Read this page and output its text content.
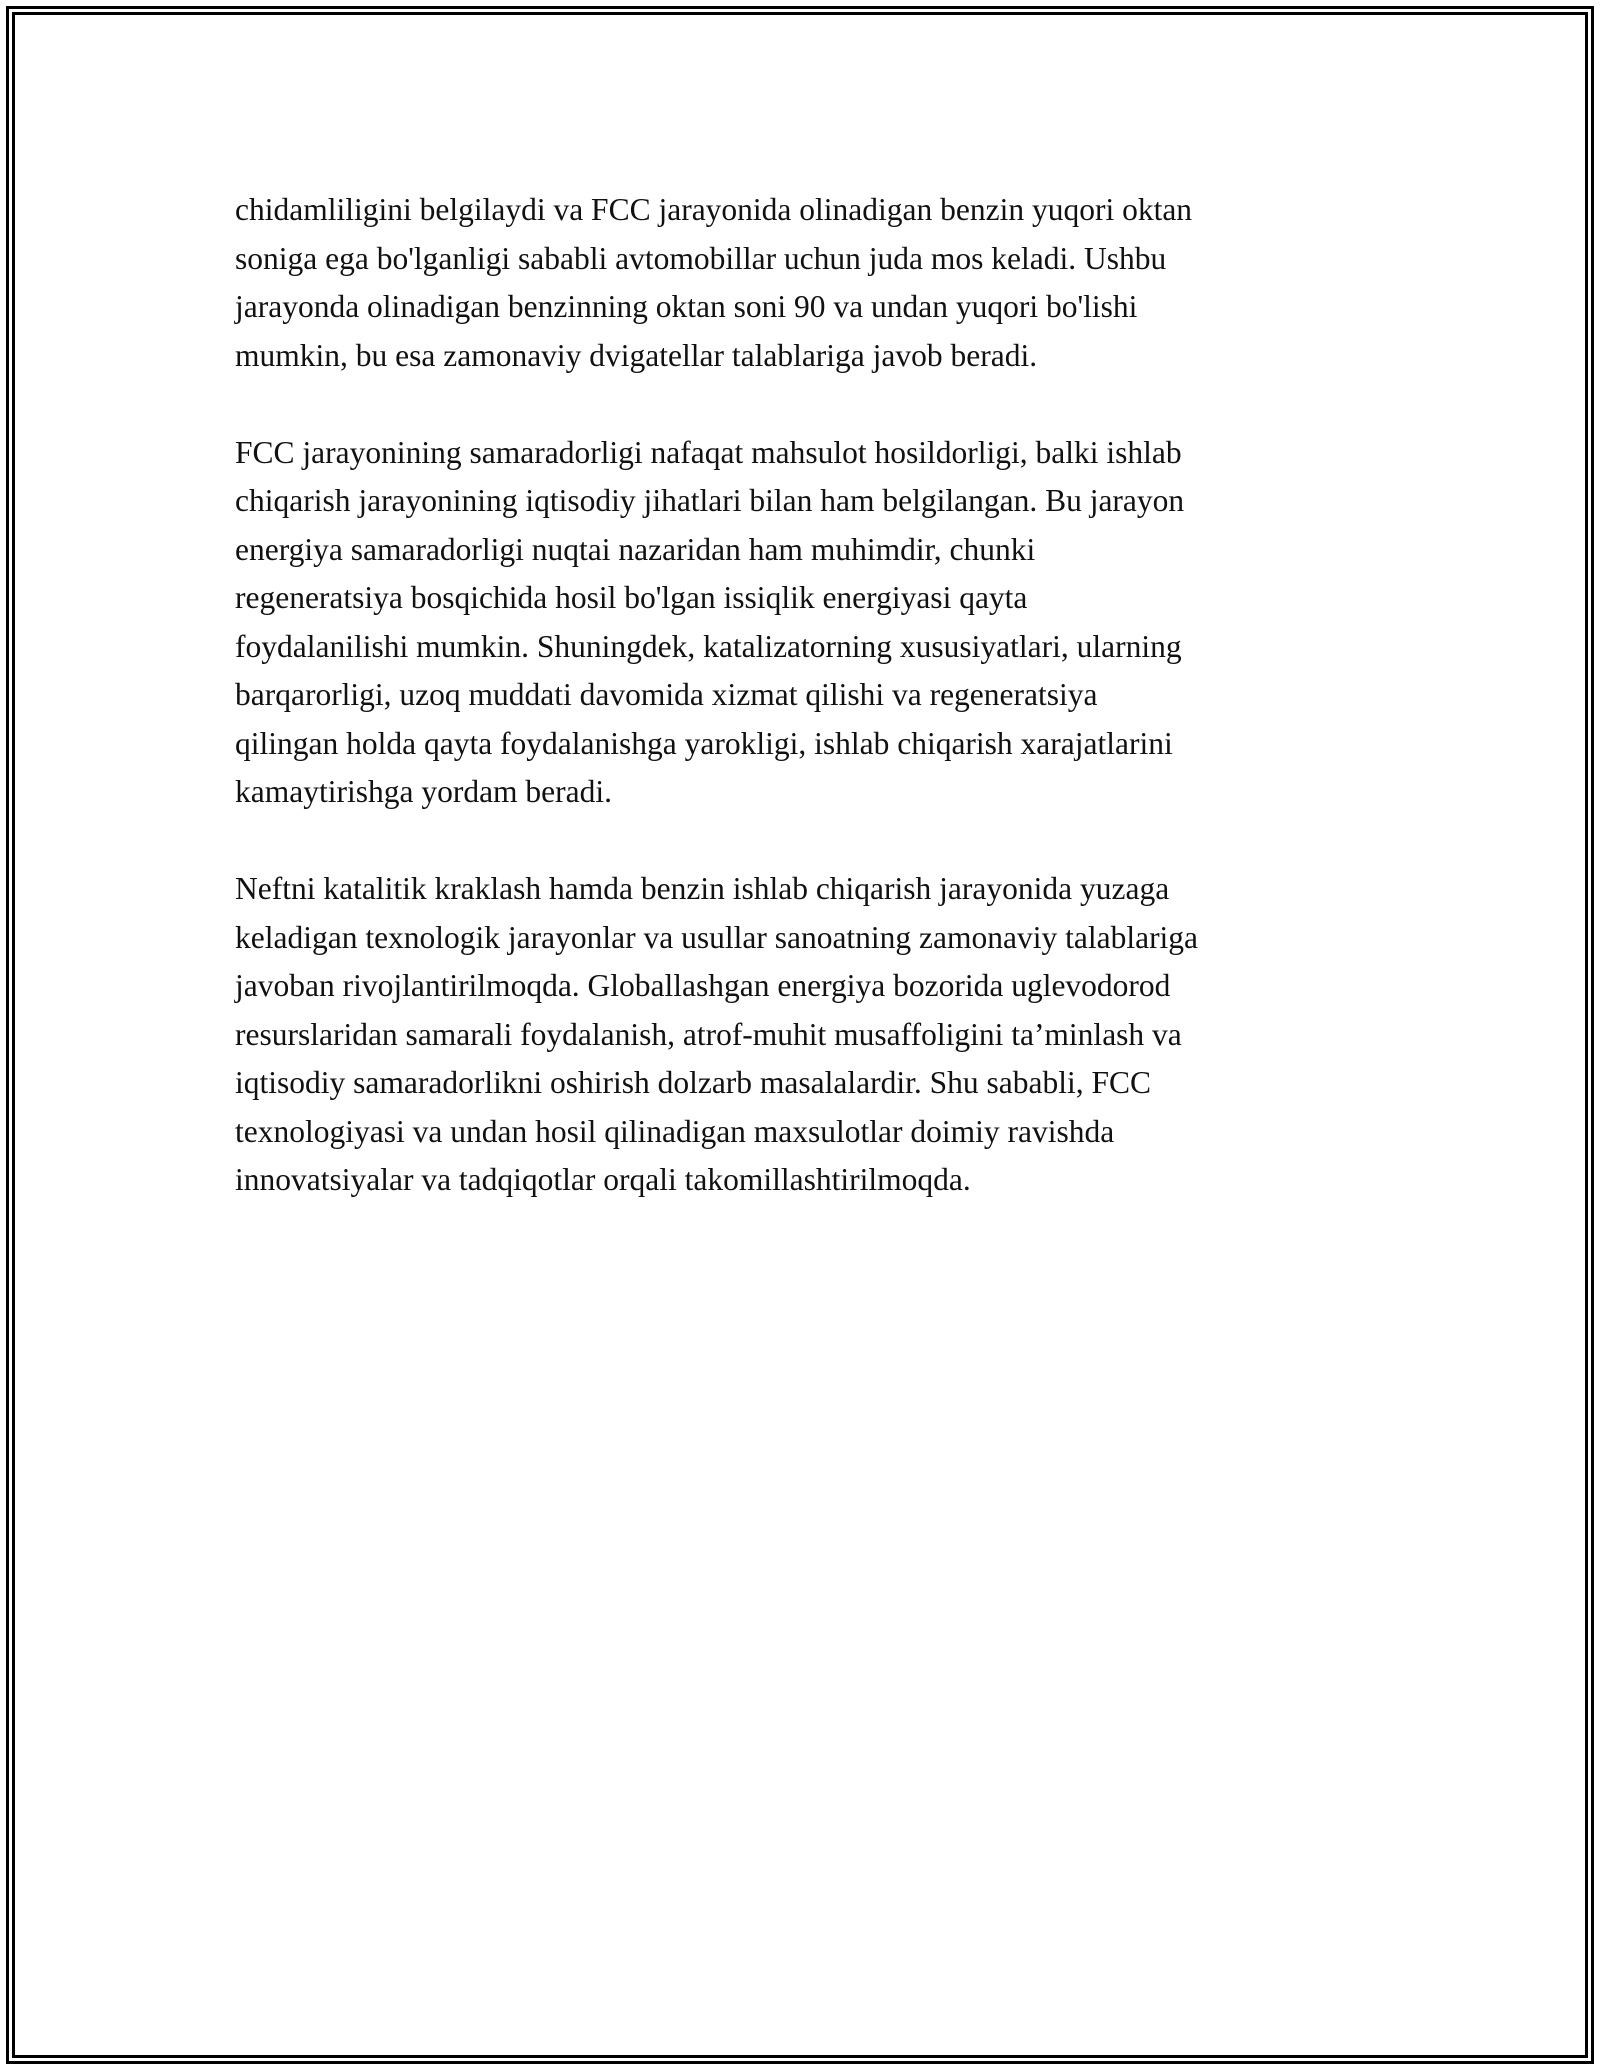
chidamliligini belgilaydi va FCC jarayonida olinadigan benzin yuqori oktan
soniga ega bo'lganligi sababli avtomobillar uchun juda mos keladi. Ushbu
jarayonda olinadigan benzinning oktan soni 90 va undan yuqori bo'lishi
mumkin, bu esa zamonaviy dvigatellar talablariga javob beradi.

FCC jarayonining samaradorligi nafaqat mahsulot hosildorligi, balki ishlab
chiqarish jarayonining iqtisodiy jihatlari bilan ham belgilangan. Bu jarayon
energiya samaradorligi nuqtai nazaridan ham muhimdir, chunki
regeneratsiya bosqichida hosil bo'lgan issiqlik energiyasi qayta
foydalanilishi mumkin. Shuningdek, katalizatorning xususiyatlari, ularning
barqarorligi, uzoq muddati davomida xizmat qilishi va regeneratsiya
qilingan holda qayta foydalanishga yarokligi, ishlab chiqarish xarajatlarini
kamaytirishga yordam beradi.

Neftni katalitik kraklash hamda benzin ishlab chiqarish jarayonida yuzaga
keladigan texnologik jarayonlar va usullar sanoatning zamonaviy talablariga
javoban rivojlantirilmoqda. Globallashgan energiya bozorida uglevodorod
resurslaridan samarali foydalanish, atrof-muhit musaffoligini ta’minlash va
iqtisodiy samaradorlikni oshirish dolzarb masalalardir. Shu sababli, FCC
texnologiyasi va undan hosil qilinadigan maxsulotlar doimiy ravishda
innovatsiyalar va tadqiqotlar orqali takomillashtirilmoqda.
